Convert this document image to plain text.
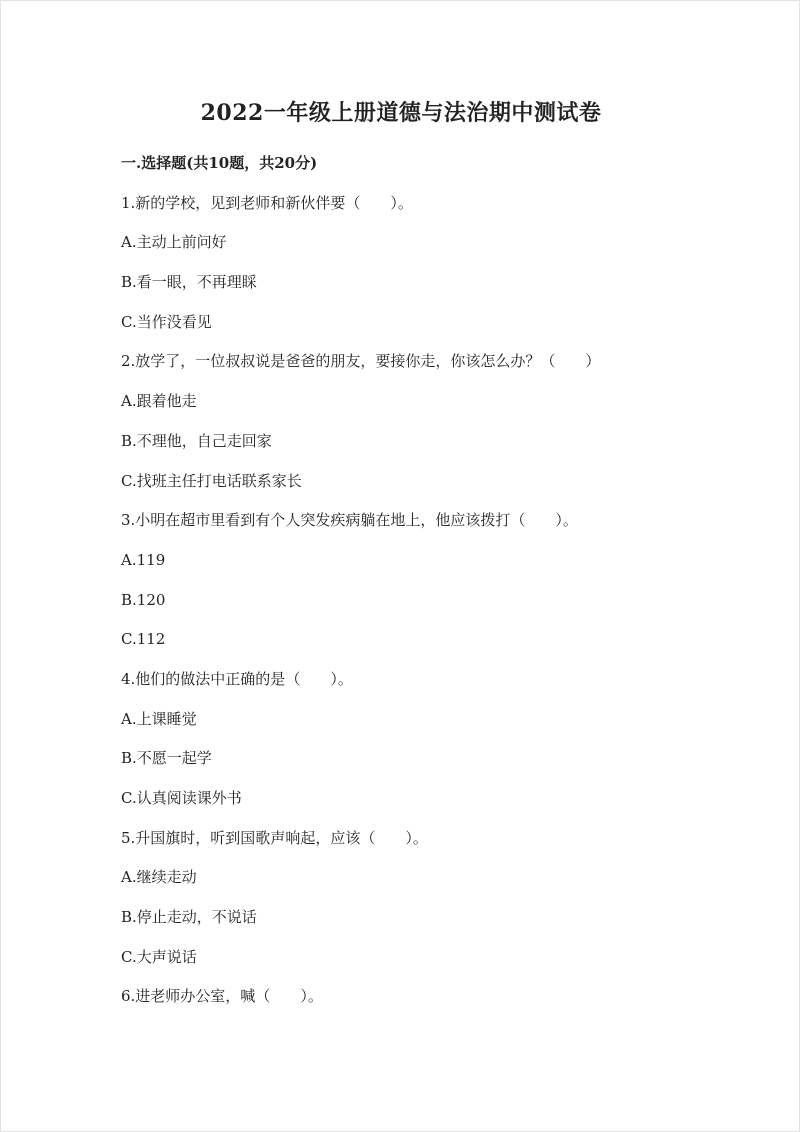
2022一年级上册道德与法治期中测试卷
一.选择题(共10题，共20分)
1.新的学校，见到老师和新伙伴要（　　）。
A.主动上前问好
B.看一眼，不再理睬
C.当作没看见
2.放学了，一位叔叔说是爸爸的朋友，要接你走，你该怎么办？（　　）
A.跟着他走
B.不理他，自己走回家
C.找班主任打电话联系家长
3.小明在超市里看到有个人突发疾病躺在地上，他应该拨打（　　）。
A.119
B.120
C.112
4.他们的做法中正确的是（　　）。
A.上课睡觉
B.不愿一起学
C.认真阅读课外书
5.升国旗时，听到国歌声响起，应该（　　）。
A.继续走动
B.停止走动，不说话
C.大声说话
6.进老师办公室，喊（　　）。
